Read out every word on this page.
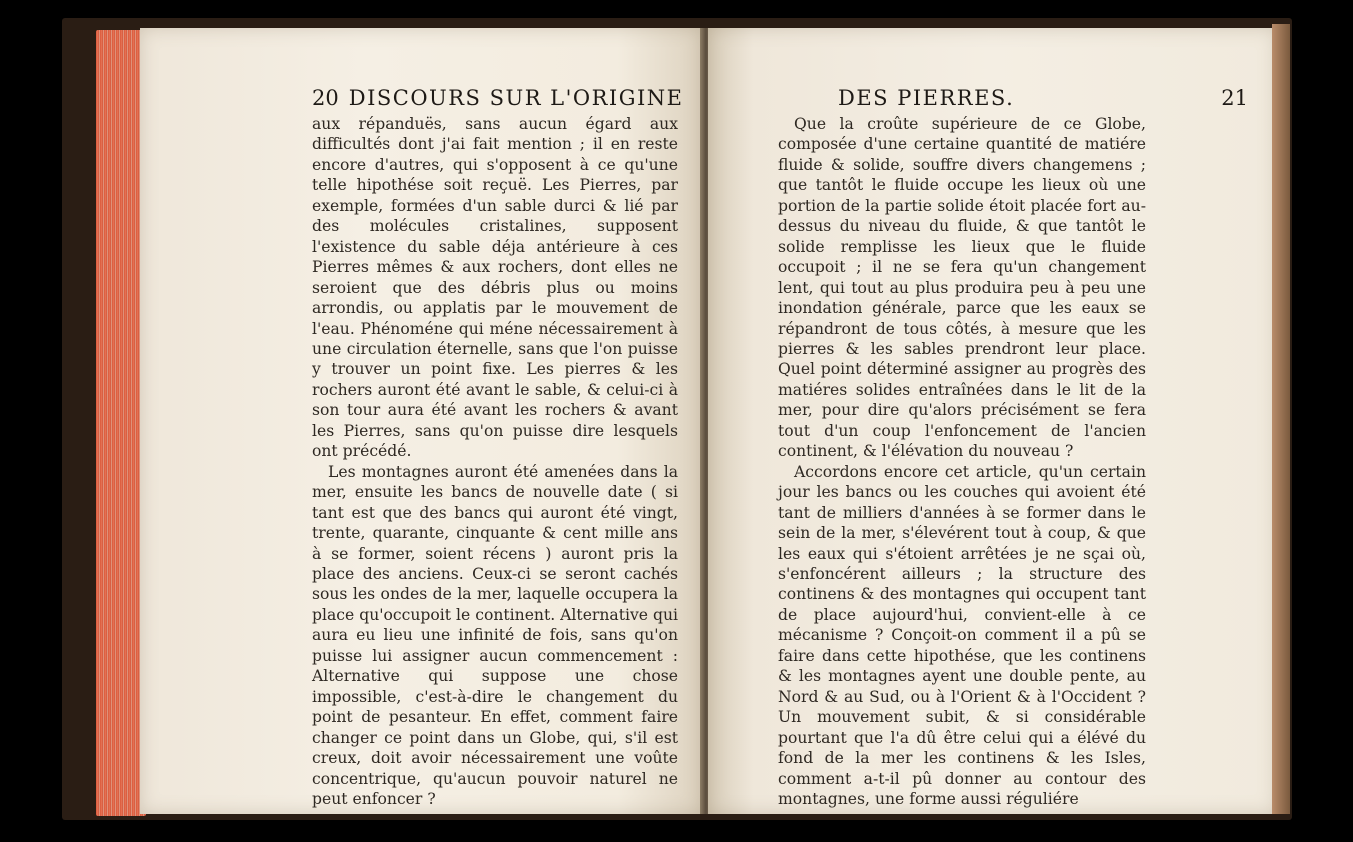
20 DISCOURS SUR L'ORIGINE

aux répanduës, sans aucun égard aux difficultés dont j'ai fait mention ; il en reste encore d'autres, qui s'opposent à ce qu'une telle hipothése soit reçuë. Les Pierres, par exemple, formées d'un sable durci & lié par des molécules cristalines, supposent l'existence du sable déja antérieure à ces Pierres mêmes & aux rochers, dont elles ne seroient que des débris plus ou moins arrondis, ou applatis par le mouvement de l'eau. Phénoméne qui méne nécessairement à une circulation éternelle, sans que l'on puisse y trouver un point fixe. Les pierres & les rochers auront été avant le sable, & celui-ci à son tour aura été avant les rochers & avant les Pierres, sans qu'on puisse dire lesquels ont précédé.

Les montagnes auront été amenées dans la mer, ensuite les bancs de nouvelle date ( si tant est que des bancs qui auront été vingt, trente, quarante, cinquante & cent mille ans à se former, soient récens ) auront pris la place des anciens. Ceux-ci se seront cachés sous les ondes de la mer, laquelle occupera la place qu'occupoit le continent. Alternative qui aura eu lieu une infinité de fois, sans qu'on puisse lui assigner aucun commencement : Alternative qui suppose une chose impossible, c'est-à-dire le changement du point de pesanteur. En effet, comment faire changer ce point dans un Globe, qui, s'il est creux, doit avoir nécessairement une voûte concentrique, qu'aucun pouvoir naturel ne peut enfoncer ?

DES PIERRES.	21

Que la croûte supérieure de ce Globe, composée d'une certaine quantité de matiére fluide & solide, souffre divers changemens ; que tantôt le fluide occupe les lieux où une portion de la partie solide étoit placée fort au-dessus du niveau du fluide, & que tantôt le solide remplisse les lieux que le fluide occupoit ; il ne se fera qu'un changement lent, qui tout au plus produira peu à peu une inondation générale, parce que les eaux se répandront de tous côtés, à mesure que les pierres & les sables prendront leur place. Quel point déterminé assigner au progrès des matiéres solides entraînées dans le lit de la mer, pour dire qu'alors précisément se fera tout d'un coup l'enfoncement de l'ancien continent, & l'élévation du nouveau ?

Accordons encore cet article, qu'un certain jour les bancs ou les couches qui avoient été tant de milliers d'années à se former dans le sein de la mer, s'élevérent tout à coup, & que les eaux qui s'étoient arrêtées je ne sçai où, s'enfoncérent ailleurs ; la structure des continens & des montagnes qui occupent tant de place aujourd'hui, convient-elle à ce mécanisme ? Conçoit-on comment il a pû se faire dans cette hipothése, que les continens & les montagnes ayent une double pente, au Nord & au Sud, ou à l'Orient & à l'Occident ? Un mouvement subit, & si considérable pourtant que l'a dû être celui qui a élévé du fond de la mer les continens & les Isles, comment a-t-il pû donner au contour des montagnes, une forme aussi réguliére
